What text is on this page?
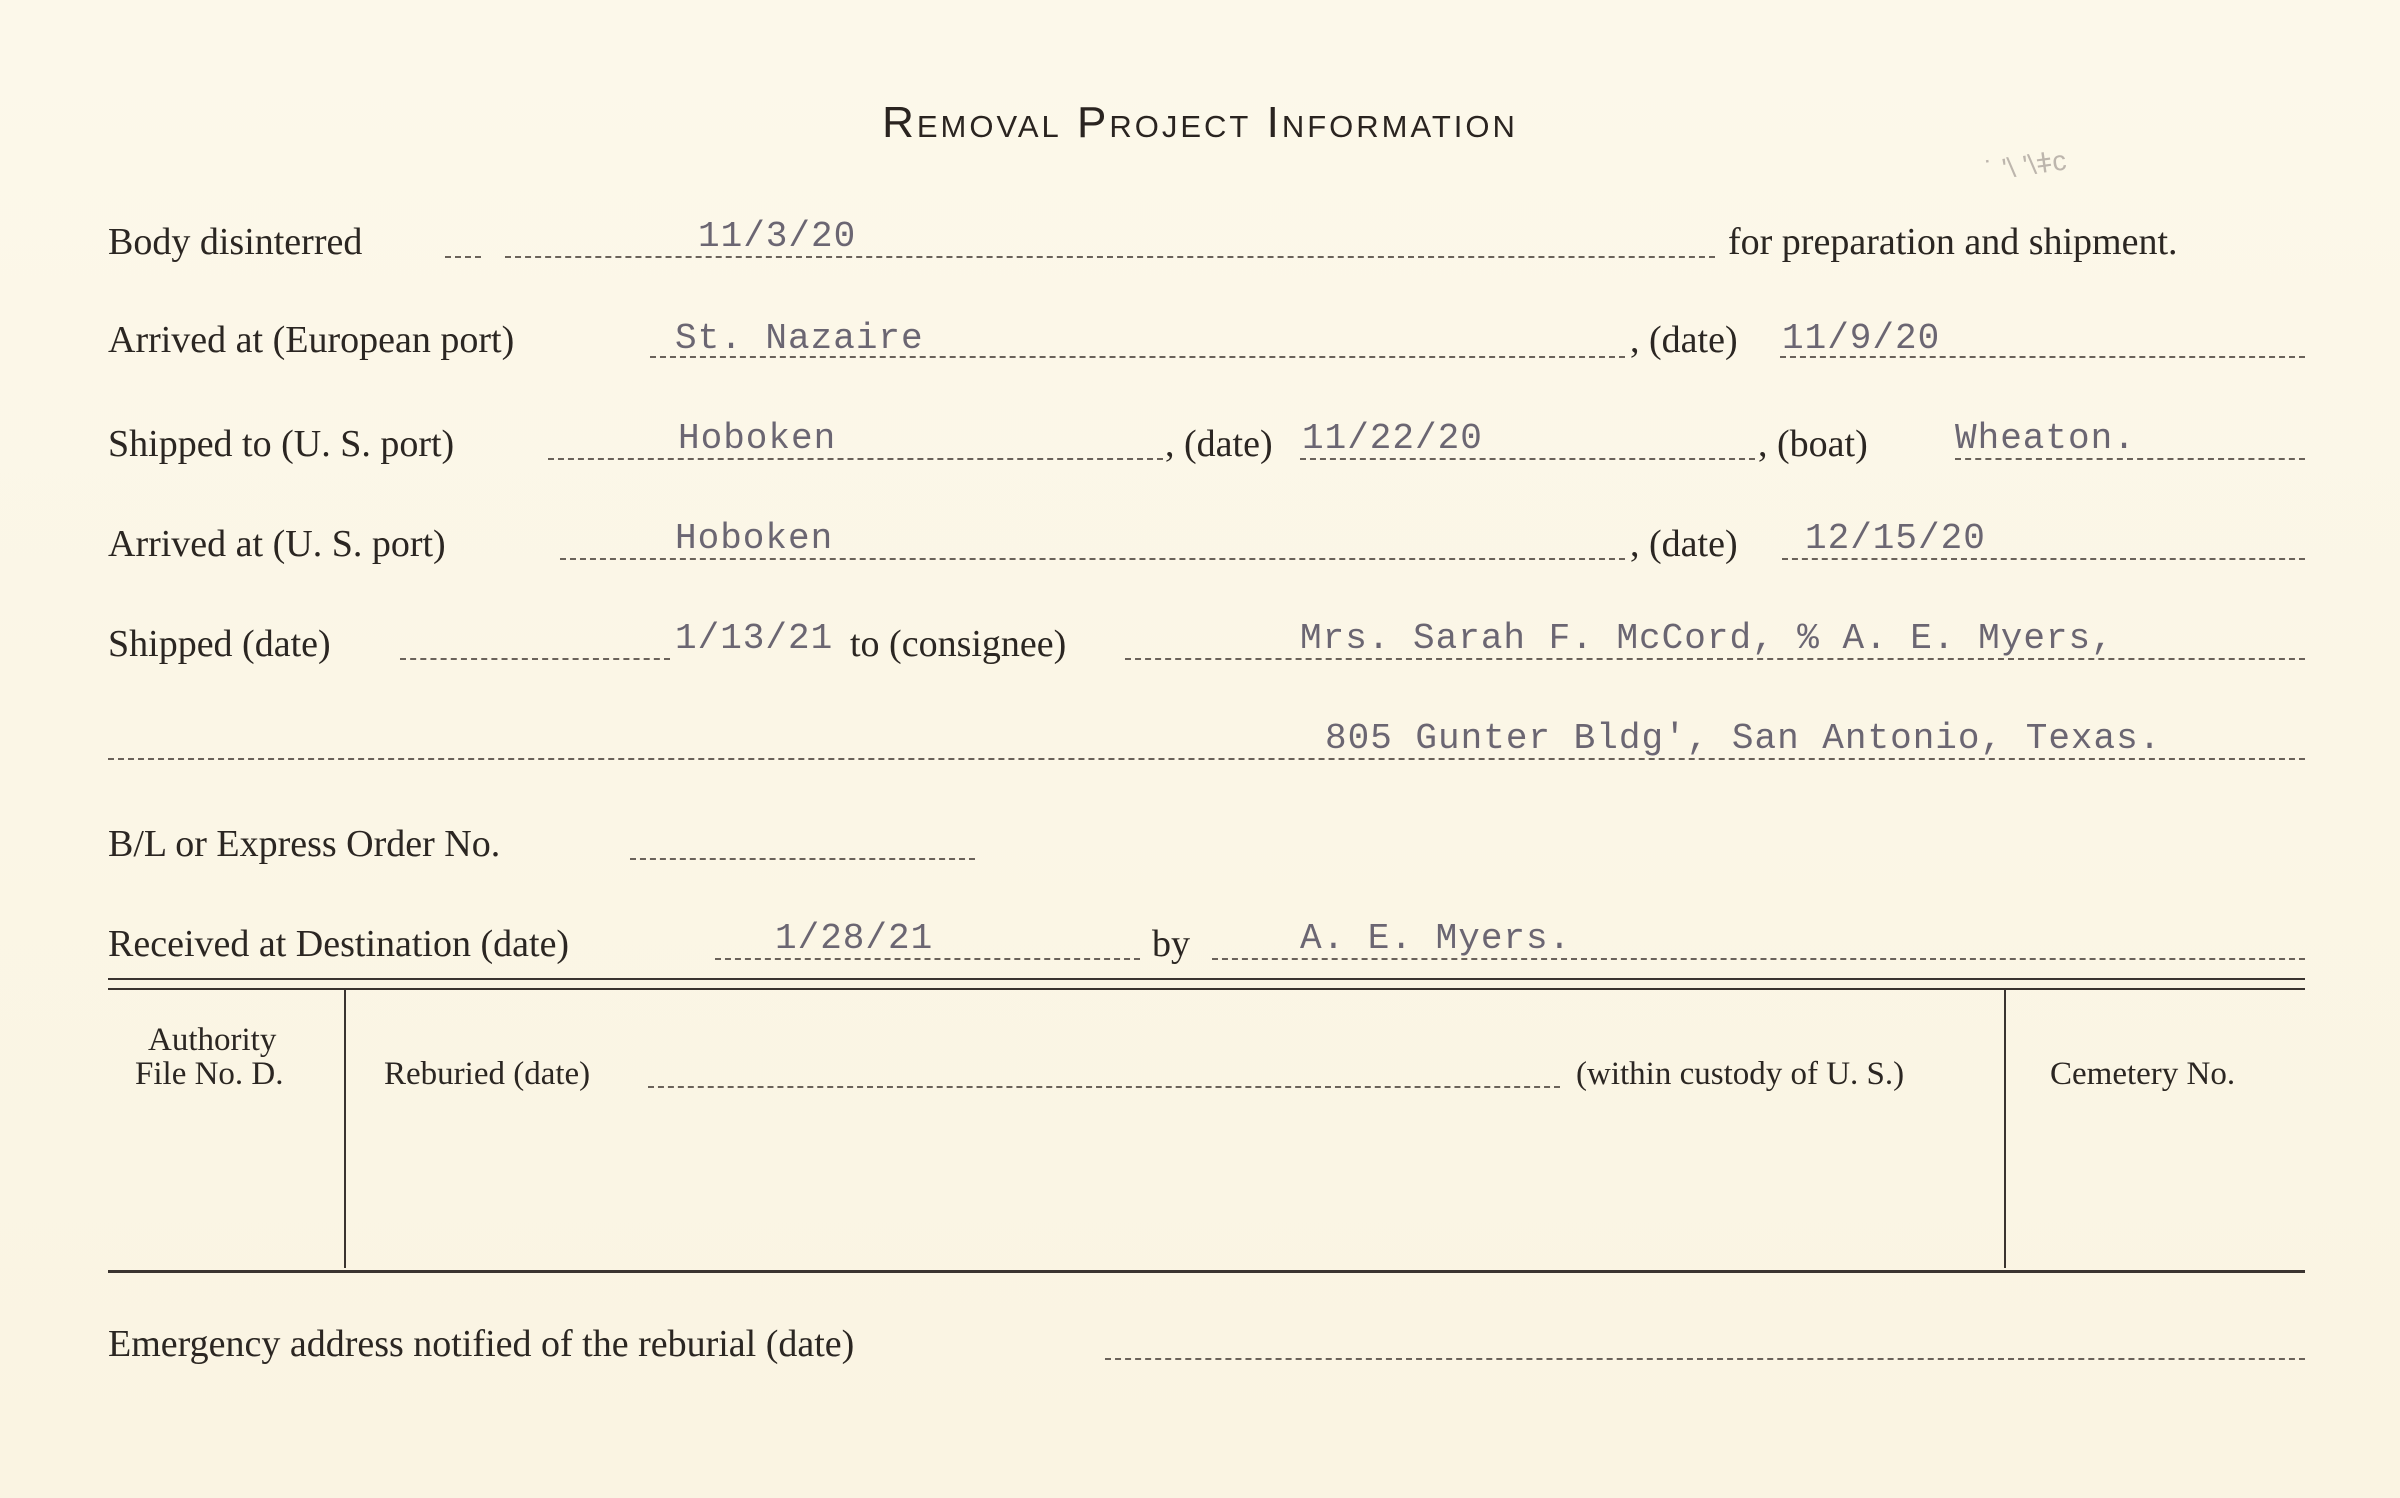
Removal Project Information
˙ ʹ\ ʹ\ǂc
Body disinterred	11/3/20	for preparation and shipment.
Arrived at (European port)	St. Nazaire	, (date) 11/9/20
Shipped to (U. S. port)	Hoboken	, (date) 11/22/20	, (boat) Wheaton.
Arrived at (U. S. port)	Hoboken	, (date) 12/15/20
Shipped (date)	1/13/21 to (consignee)	Mrs. Sarah F. McCord, % A. E. Myers,
805 Gunter Bldg', San Antonio, Texas.
B/L or Express Order No.
Received at Destination (date)	1/28/21	by	A. E. Myers.
Authority
File No. D.	Reburied (date)	(within custody of U. S.)	Cemetery No.
Emergency address notified of the reburial (date)
